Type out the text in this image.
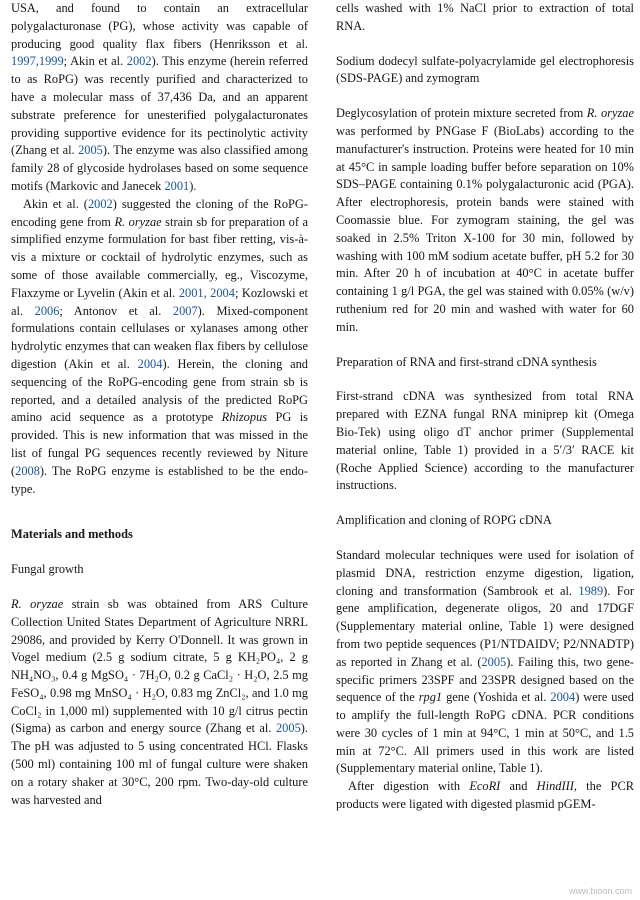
USA, and found to contain an extracellular polygalacturonase (PG), whose activity was capable of producing good quality flax fibers (Henriksson et al. 1997,1999; Akin et al. 2002). This enzyme (herein referred to as RoPG) was recently purified and characterized to have a molecular mass of 37,436 Da, and an apparent substrate preference for unesterified polygalacturonates providing supportive evidence for its pectinolytic activity (Zhang et al. 2005). The enzyme was also classified among family 28 of glycoside hydrolases based on some sequence motifs (Markovic and Janecek 2001).

Akin et al. (2002) suggested the cloning of the RoPG-encoding gene from R. oryzae strain sb for preparation of a simplified enzyme formulation for bast fiber retting, vis-à-vis a mixture or cocktail of hydrolytic enzymes, such as some of those available commercially, eg., Viscozyme, Flaxzyme or Lyvelin (Akin et al. 2001, 2004; Kozlowski et al. 2006; Antonov et al. 2007). Mixed-component formulations contain cellulases or xylanases among other hydrolytic enzymes that can weaken flax fibers by cellulose digestion (Akin et al. 2004). Herein, the cloning and sequencing of the RoPG-encoding gene from strain sb is reported, and a detailed analysis of the predicted RoPG amino acid sequence as a prototype Rhizopus PG is provided. This is new information that was missed in the list of fungal PG sequences recently reviewed by Niture (2008). The RoPG enzyme is established to be the endo-type.

Materials and methods

Fungal growth

R. oryzae strain sb was obtained from ARS Culture Collection United States Department of Agriculture NRRL 29086, and provided by Kerry O'Donnell. It was grown in Vogel medium (2.5 g sodium citrate, 5 g KH₂PO₄, 2 g NH₄NO₃, 0.4 g MgSO₄ · 7H₂O, 0.2 g CaCl₂ · H₂O, 2.5 mg FeSO₄, 0.98 mg MnSO₄ · H₂O, 0.83 mg ZnCl₂, and 1.0 mg CoCl₂ in 1,000 ml) supplemented with 10 g/l citrus pectin (Sigma) as carbon and energy source (Zhang et al. 2005). The pH was adjusted to 5 using concentrated HCl. Flasks (500 ml) containing 100 ml of fungal culture were shaken on a rotary shaker at 30°C, 200 rpm. Two-day-old culture was harvested and

cells washed with 1% NaCl prior to extraction of total RNA.

Sodium dodecyl sulfate-polyacrylamide gel electrophoresis (SDS-PAGE) and zymogram

Deglycosylation of protein mixture secreted from R. oryzae was performed by PNGase F (BioLabs) according to the manufacturer's instruction. Proteins were heated for 10 min at 45°C in sample loading buffer before separation on 10% SDS–PAGE containing 0.1% polygalacturonic acid (PGA). After electrophoresis, protein bands were stained with Coomassie blue. For zymogram staining, the gel was soaked in 2.5% Triton X-100 for 30 min, followed by washing with 100 mM sodium acetate buffer, pH 5.2 for 30 min. After 20 h of incubation at 40°C in acetate buffer containing 1 g/l PGA, the gel was stained with 0.05% (w/v) ruthenium red for 20 min and washed with water for 60 min.

Preparation of RNA and first-strand cDNA synthesis

First-strand cDNA was synthesized from total RNA prepared with EZNA fungal RNA miniprep kit (Omega Bio-Tek) using oligo dT anchor primer (Supplemental material online, Table 1) provided in a 5′/3′ RACE kit (Roche Applied Science) according to the manufacturer instructions.

Amplification and cloning of ROPG cDNA

Standard molecular techniques were used for isolation of plasmid DNA, restriction enzyme digestion, ligation, cloning and transformation (Sambrook et al. 1989). For gene amplification, degenerate oligos, 20 and 17DGF (Supplementary material online, Table 1) were designed from two peptide sequences (P1/NTDAIDV; P2/NNADTP) as reported in Zhang et al. (2005). Failing this, two gene-specific primers 23SPF and 23SPR designed based on the sequence of the rpg1 gene (Yoshida et al. 2004) were used to amplify the full-length RoPG cDNA. PCR conditions were 30 cycles of 1 min at 94°C, 1 min at 50°C, and 1.5 min at 72°C. All primers used in this work are listed (Supplementary material online, Table 1).

After digestion with EcoRI and HindIII, the PCR products were ligated with digested plasmid pGEM-

www.bioon.com
